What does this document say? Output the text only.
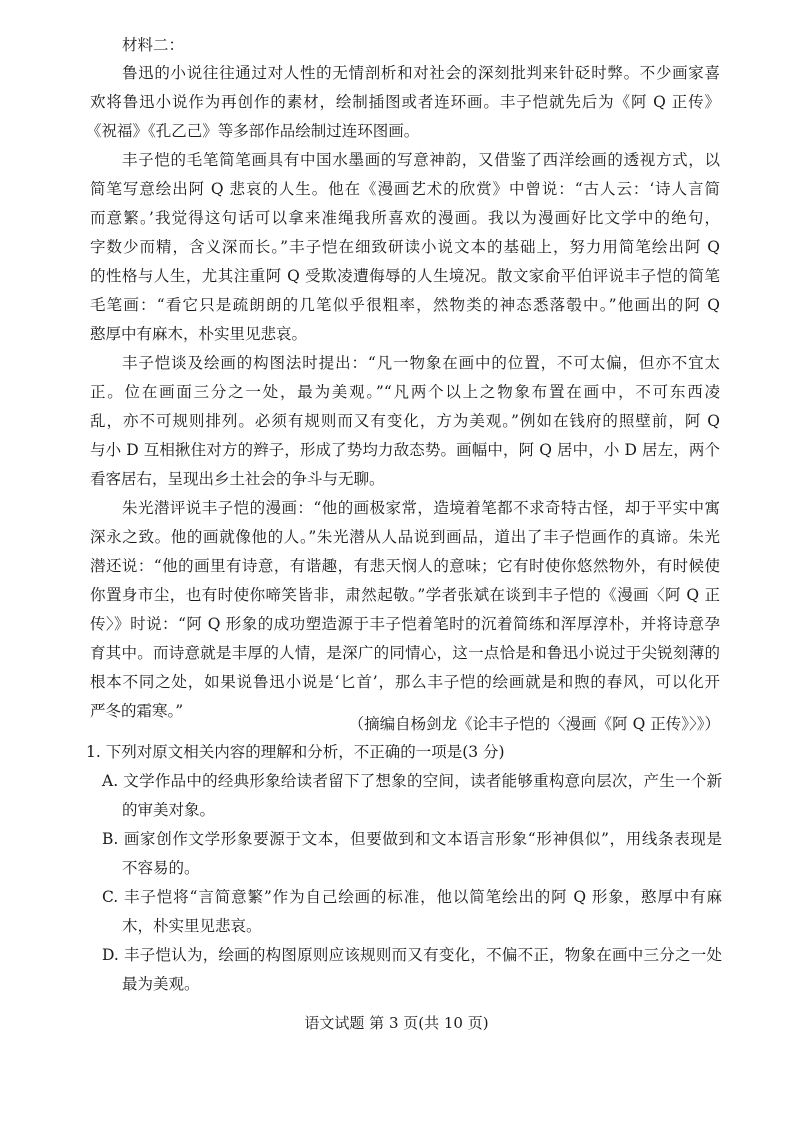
材料二：
鲁迅的小说往往通过对人性的无情剖析和对社会的深刻批判来针砭时弊。不少画家喜
欢将鲁迅小说作为再创作的素材，绘制插图或者连环画。丰子恺就先后为《阿 Q 正传》
《祝福》《孔乙己》等多部作品绘制过连环图画。
丰子恺的毛笔简笔画具有中国水墨画的写意神韵，又借鉴了西洋绘画的透视方式，以
简笔写意绘出阿 Q 悲哀的人生。他在《漫画艺术的欣赏》中曾说：“古人云：‘诗人言简
而意繁。’我觉得这句话可以拿来准绳我所喜欢的漫画。我以为漫画好比文学中的绝句，
字数少而精，含义深而长。”丰子恺在细致研读小说文本的基础上，努力用简笔绘出阿 Q
的性格与人生，尤其注重阿 Q 受欺凌遭侮辱的人生境况。散文家俞平伯评说丰子恺的简笔
毛笔画：“看它只是疏朗朗的几笔似乎很粗率，然物类的神态悉落彀中。”他画出的阿 Q
憨厚中有麻木，朴实里见悲哀。
丰子恺谈及绘画的构图法时提出：“凡一物象在画中的位置，不可太偏，但亦不宜太
正。位在画面三分之一处，最为美观。”“凡两个以上之物象布置在画中，不可东西凌
乱，亦不可规则排列。必须有规则而又有变化，方为美观。”例如在钱府的照壁前，阿 Q
与小 D 互相揪住对方的辫子，形成了势均力敌态势。画幅中，阿 Q 居中，小 D 居左，两个
看客居右，呈现出乡土社会的争斗与无聊。
朱光潜评说丰子恺的漫画：“他的画极家常，造境着笔都不求奇特古怪，却于平实中寓
深永之致。他的画就像他的人。”朱光潜从人品说到画品，道出了丰子恺画作的真谛。朱光
潜还说：“他的画里有诗意，有谐趣，有悲天悯人的意味；它有时使你悠然物外，有时候使
你置身市尘，也有时使你啼笑皆非，肃然起敬。”学者张斌在谈到丰子恺的《漫画〈阿 Q 正
传〉》时说：“阿 Q 形象的成功塑造源于丰子恺着笔时的沉着简练和浑厚淳朴，并将诗意孕
育其中。而诗意就是丰厚的人情，是深广的同情心，这一点恰是和鲁迅小说过于尖锐刻薄的
根本不同之处，如果说鲁迅小说是‘匕首’，那么丰子恺的绘画就是和煦的春风，可以化开
严冬的霜寒。”
（摘编自杨剑龙《论丰子恺的〈漫画《阿 Q 正传》〉》）
1. 下列对原文相关内容的理解和分析，不正确的一项是(3 分)
A. 文学作品中的经典形象给读者留下了想象的空间，读者能够重构意向层次，产生一个新
的审美对象。
B. 画家创作文学形象要源于文本，但要做到和文本语言形象“形神俱似”，用线条表现是
不容易的。
C. 丰子恺将“言简意繁”作为自己绘画的标准，他以简笔绘出的阿 Q 形象，憨厚中有麻
木，朴实里见悲哀。
D. 丰子恺认为，绘画的构图原则应该规则而又有变化，不偏不正，物象在画中三分之一处
最为美观。
语文试题 第 3 页(共 10 页)
